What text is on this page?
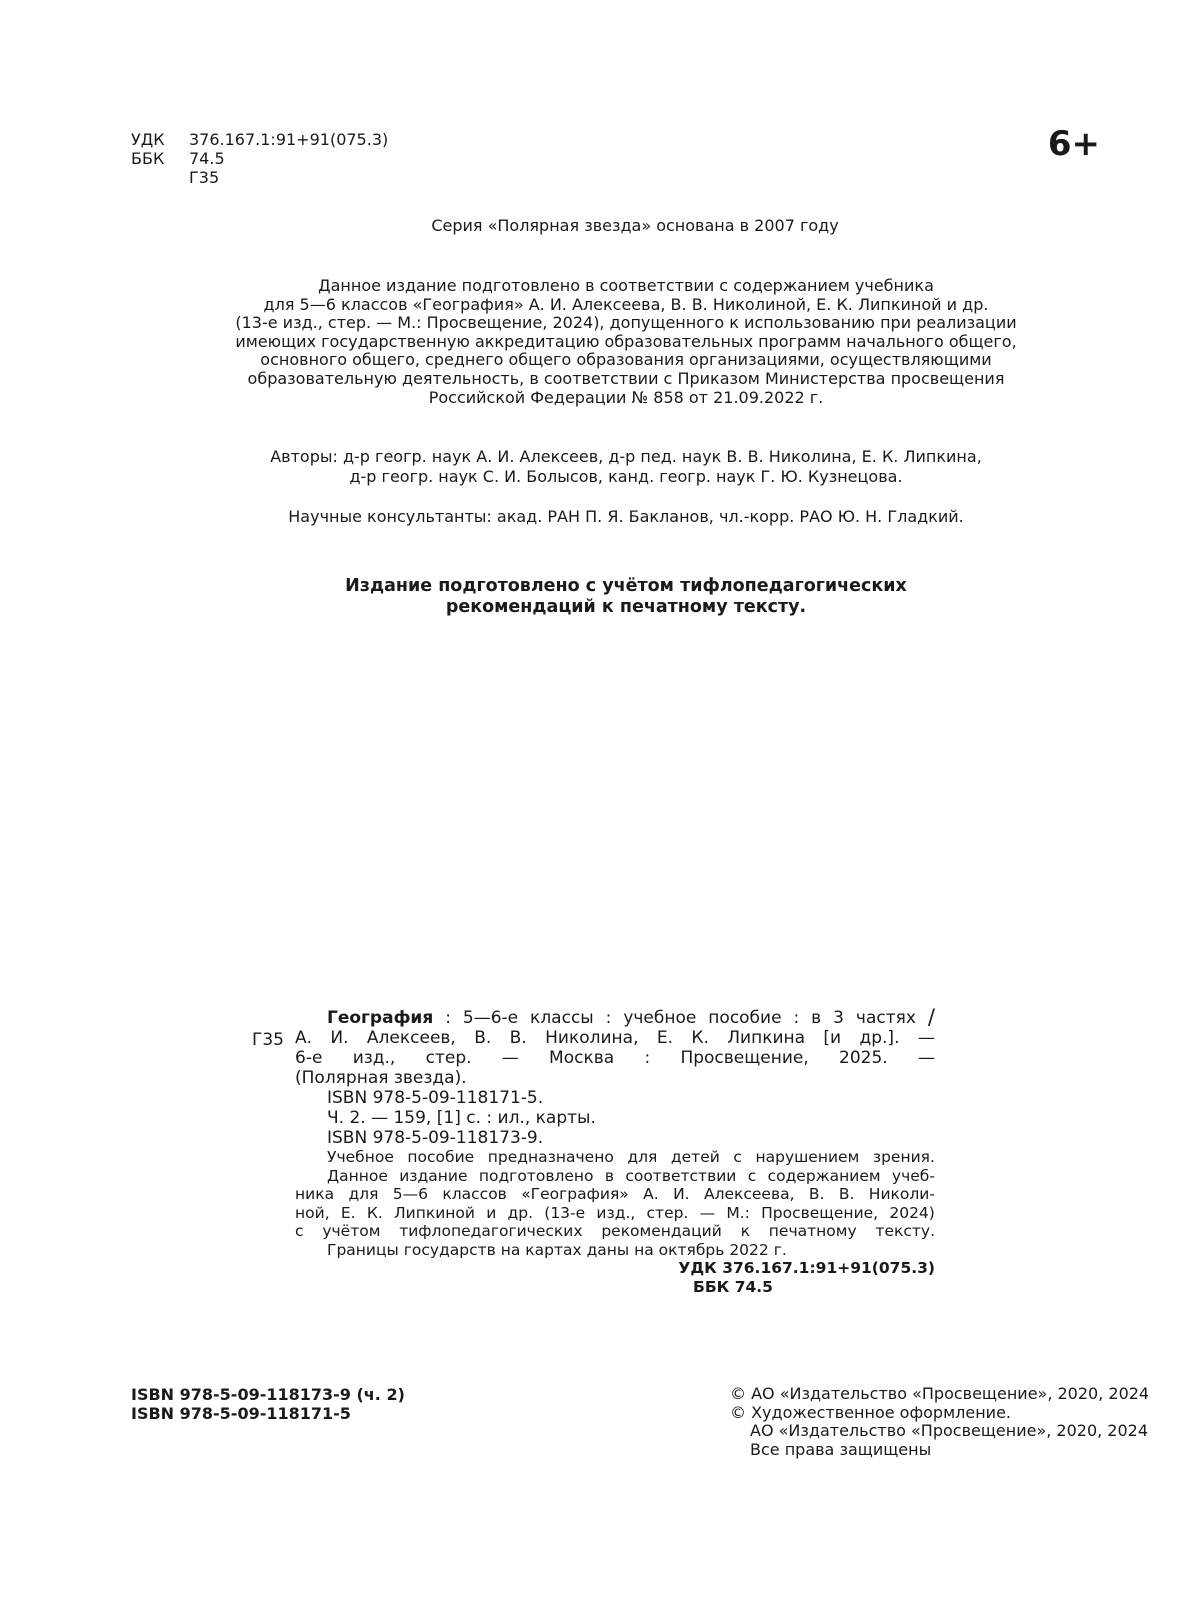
УДК	376.167.1:91+91(075.3)
ББК	74.5
Г35
6+
Серия «Полярная звезда» основана в 2007 году
Данное издание подготовлено в соответствии с содержанием учебника
для 5—6 классов «География» А. И. Алексеева, В. В. Николиной, Е. К. Липкиной и др.
(13-е изд., стер. — М.: Просвещение, 2024), допущенного к использованию при реализации
имеющих государственную аккредитацию образовательных программ начального общего,
основного общего, среднего общего образования организациями, осуществляющими
образовательную деятельность, в соответствии с Приказом Министерства просвещения
Российской Федерации № 858 от 21.09.2022 г.
Авторы: д-р геогр. наук А. И. Алексеев, д-р пед. наук В. В. Николина, Е. К. Липкина,
д-р геогр. наук С. И. Болысов, канд. геогр. наук Г. Ю. Кузнецова.
Научные консультанты: акад. РАН П. Я. Бакланов, чл.-корр. РАО Ю. Н. Гладкий.
Издание подготовлено с учётом тифлопедагогических
рекомендаций к печатному тексту.
Г35
География : 5—6-е классы : учебное пособие : в 3 частях /
А. И. Алексеев, В. В. Николина, Е. К. Липкина [и др.]. —
6-е изд., стер. — Москва : Просвещение, 2025. —
(Полярная звезда).
ISBN 978-5-09-118171-5.
Ч. 2. — 159, [1] с. : ил., карты.
ISBN 978-5-09-118173-9.
Учебное пособие предназначено для детей с нарушением зрения.
Данное издание подготовлено в соответствии с содержанием учеб-
ника для 5—6 классов «География» А. И. Алексеева, В. В. Николи-
ной, Е. К. Липкиной и др. (13-е изд., стер. — М.: Просвещение, 2024)
с учётом тифлопедагогических рекомендаций к печатному тексту.
Границы государств на картах даны на октябрь 2022 г.
УДК 376.167.1:91+91(075.3)
ББК 74.5
ISBN 978-5-09-118173-9 (ч. 2)
ISBN 978-5-09-118171-5
© АО «Издательство «Просвещение», 2020, 2024
© Художественное оформление.
АО «Издательство «Просвещение», 2020, 2024
Все права защищены
